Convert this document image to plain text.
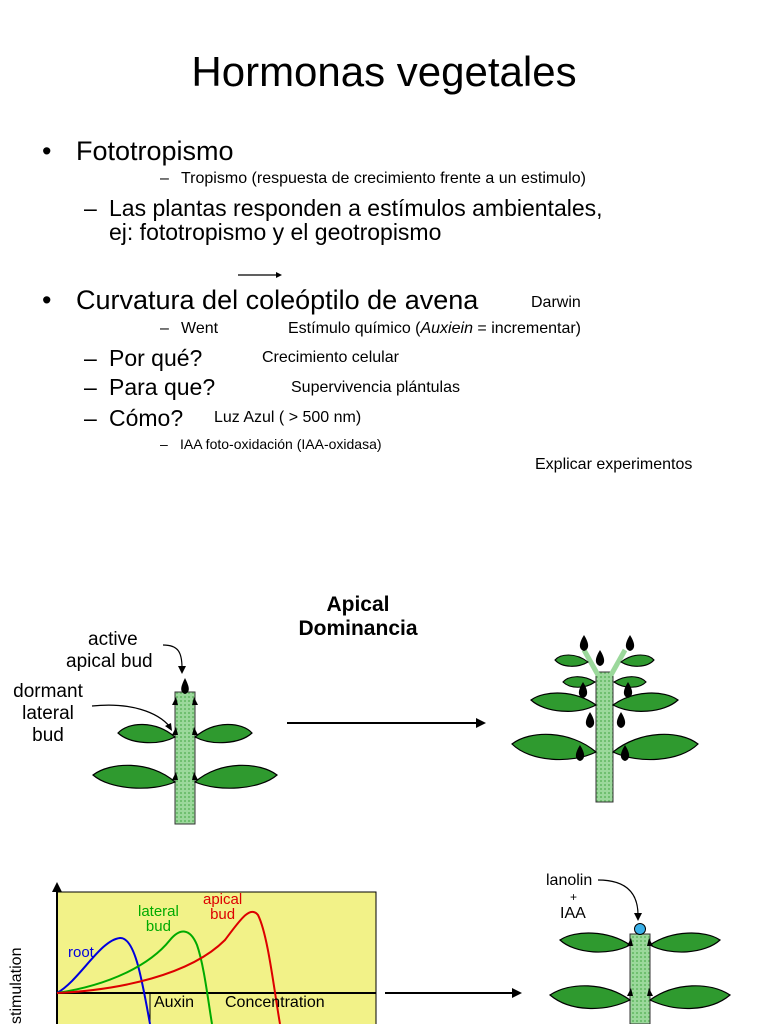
Hormonas vegetales
• Fototropismo
– Tropismo (respuesta de crecimiento frente a un estimulo)
– Las plantas responden a estímulos ambientales,
ej: fototropismo y el geotropismo
• Curvatura del coleóptilo de avena	Darwin
– Went	Estímulo químico (Auxiein = incrementar)
– Por qué?	Crecimiento celular
– Para que?	Supervivencia plántulas
– Cómo? Luz Azul ( > 500 nm)
– IAA foto-oxidación (IAA-oxidasa)
Explicar experimentos
Apical
Dominancia
active
apical bud
dormant
lateral
bud
lanolin
+
IAA
stimulation	root
lateral
bud
apical
bud
Auxin Concentration
